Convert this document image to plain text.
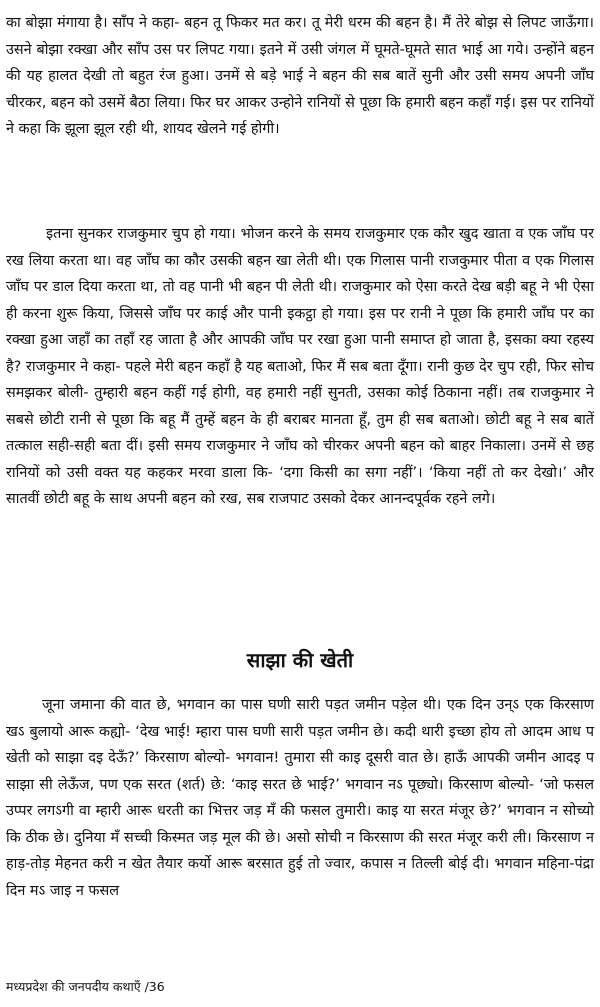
का बोझा मंगाया है। साँप ने कहा- बहन तू फिकर मत कर। तू मेरी धरम की बहन है। मैं तेरे बोझ से लिपट जाऊँगा। उसने बोझा रक्खा और साँप उस पर लिपट गया। इतने में उसी जंगल में घूमते-घूमते सात भाई आ गये। उन्होंने बहन की यह हालत देखी तो बहुत रंज हुआ। उनमें से बड़े भाई ने बहन की सब बातें सुनी और उसी समय अपनी जाँघ चीरकर, बहन को उसमें बैठा लिया। फिर घर आकर उन्होने रानियों से पूछा कि हमारी बहन कहाँ गई। इस पर रानियों ने कहा कि झूला झूल रही थी, शायद खेलने गई होगी।

इतना सुनकर राजकुमार चुप हो गया। भोजन करने के समय राजकुमार एक कौर खुद खाता व एक जाँघ पर रख लिया करता था। वह जाँघ का कौर उसकी बहन खा लेती थी। एक गिलास पानी राजकुमार पीता व एक गिलास जाँघ पर डाल दिया करता था, तो वह पानी भी बहन पी लेती थी। राजकुमार को ऐसा करते देख बड़ी बहू ने भी ऐसा ही करना शुरू किया, जिससे जाँघ पर काई और पानी इकट्ठा हो गया। इस पर रानी ने पूछा कि हमारी जाँघ पर का रक्खा हुआ जहाँ का तहाँ रह जाता है और आपकी जाँघ पर रखा हुआ पानी समाप्त हो जाता है, इसका क्या रहस्य है? राजकुमार ने कहा- पहले मेरी बहन कहाँ है यह बताओ, फिर मैं सब बता दूँगा। रानी कुछ देर चुप रही, फिर सोच समझकर बोली- तुम्हारी बहन कहीं गई होगी, वह हमारी नहीं सुनती, उसका कोई ठिकाना नहीं। तब राजकुमार ने सबसे छोटी रानी से पूछा कि बहू मैं तुम्हें बहन के ही बराबर मानता हूँ, तुम ही सब बताओ। छोटी बहू ने सब बातें तत्काल सही-सही बता दीं। इसी समय राजकुमार ने जाँघ को चीरकर अपनी बहन को बाहर निकाला। उनमें से छह रानियों को उसी वक्त यह कहकर मरवा डाला कि- ‘दगा किसी का सगा नहीं’। ‘किया नहीं तो कर देखो।’ और सातवीं छोटी बहू के साथ अपनी बहन को रख, सब राजपाट उसको देकर आनन्दपूर्वक रहने लगे।

साझा की खेती

जूना जमाना की वात छे, भगवान का पास घणी सारी पड़त जमीन पड़ेल थी। एक दिन उन्ऽ एक किरसाण खऽ बुलायो आरू कह्यो- ‘देख भाई! म्हारा पास घणी सारी पड़त जमीन छे। कदी थारी इच्छा होय तो आदम आध प खेती को साझा दइ देऊँ?’ किरसाण बोल्यो- भगवान! तुमारा सी काइ दूसरी वात छे। हाऊँ आपकी जमीन आदइ प साझा सी लेऊँज, पण एक सरत (शर्त) छे: ‘काइ सरत छे भाई?’ भगवान नऽ पूछ्यो। किरसाण बोल्यो- ‘जो फसल उप्पर लगऽगी वा म्हारी आरू धरती का भित्तर जड़ मँ की फसल तुमारी। काइ या सरत मंजूर छे?’ भगवान न सोच्यो कि ठीक छे। दुनिया मँ सच्ची किस्मत जड़ मूल की छे। असो सोची न किरसाण की सरत मंजूर करी ली। किरसाण न हाड़-तोड़ मेहनत करी न खेत तैयार कर्यो आरू बरसात हुई तो ज्वार, कपास न तिल्ली बोई दी। भगवान महिना-पंद्रा दिन मऽ जाइ न फसल

मध्यप्रदेश की जनपदीय कथाएँ /36
